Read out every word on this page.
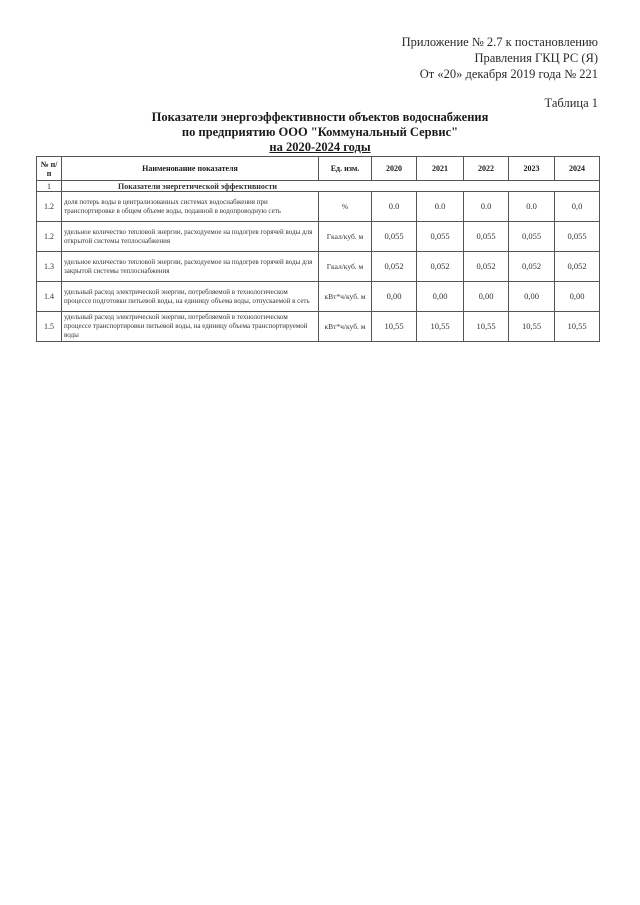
Приложение № 2.7 к постановлению
Правления ГКЦ РС (Я)
От «20» декабря 2019 года № 221
Таблица 1
Показатели энергоэффективности объектов водоснабжения
по предприятию ООО "Коммунальный Сервис"
на 2020-2024 годы
№ п/п	Наименование показателя	Ед. изм.	2020	2021	2022	2023	2024
1	Показатели энергетической эффективности						
1.2	доля потерь воды в централизованных системах водоснабжения при транспортировке в общем объеме воды, поданной в водопроводную сеть	%	0.0	0.0	0.0	0.0	0,0
1.2	удельное количество тепловой энергии, расходуемое на подогрев горячей воды для открытой системы теплоснабжения	Гкал/куб. м	0,055	0,055	0,055	0,055	0,055
1.3	удельное количество тепловой энергии, расходуемое на подогрев горячей воды для закрытой системы теплоснабжения	Гкал/куб. м	0,052	0,052	0,052	0,052	0,052
1.4	удельный расход электрической энергии, потребляемой в технологическом процессе подготовки питьевой воды, на единицу объема воды, отпускаемой в сеть	кВт*ч/куб. м	0,00	0,00	0,00	0,00	0,00
1.5	удельный расход электрической энергии, потребляемой в технологическом процессе транспортировки питьевой воды, на единицу объема транспортируемой воды	кВт*ч/куб. м	10,55	10,55	10,55	10,55	10,55
